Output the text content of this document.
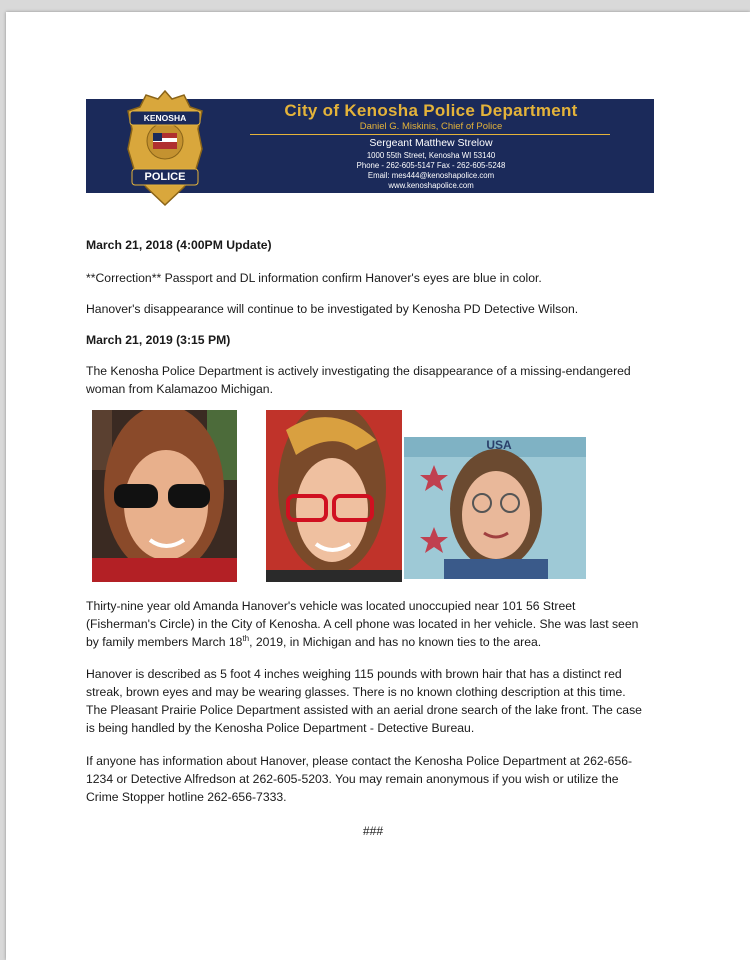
KENOSHA
POLICE
City of Kenosha Police Department
Daniel G. Miskinis, Chief of Police
Sergeant Matthew Strelow
1000 55th Street, Kenosha WI 53140
Phone - 262-605-5147 Fax - 262-605-5248
Email: mes444@kenoshapolice.com
www.kenoshapolice.com
March 21, 2018 (4:00PM Update)
**Correction** Passport and DL information confirm Hanover's eyes are blue in color.
Hanover's disappearance will continue to be investigated by Kenosha PD Detective Wilson.
March 21, 2019 (3:15 PM)
The Kenosha Police Department is actively investigating the disappearance of a missing-endangered woman from Kalamazoo Michigan.
USA
Thirty-nine year old Amanda Hanover's vehicle was located unoccupied near 101 56 Street (Fisherman's Circle) in the City of Kenosha. A cell phone was located in her vehicle. She was last seen by family members March 18th, 2019, in Michigan and has no known ties to the area.
Hanover is described as 5 foot 4 inches weighing 115 pounds with brown hair that has a distinct red streak, brown eyes and may be wearing glasses. There is no known clothing description at this time. The Pleasant Prairie Police Department assisted with an aerial drone search of the lake front. The case is being handled by the Kenosha Police Department - Detective Bureau.
If anyone has information about Hanover, please contact the Kenosha Police Department at 262-656-1234 or Detective Alfredson at 262-605-5203. You may remain anonymous if you wish or utilize the Crime Stopper hotline 262-656-7333.
###
